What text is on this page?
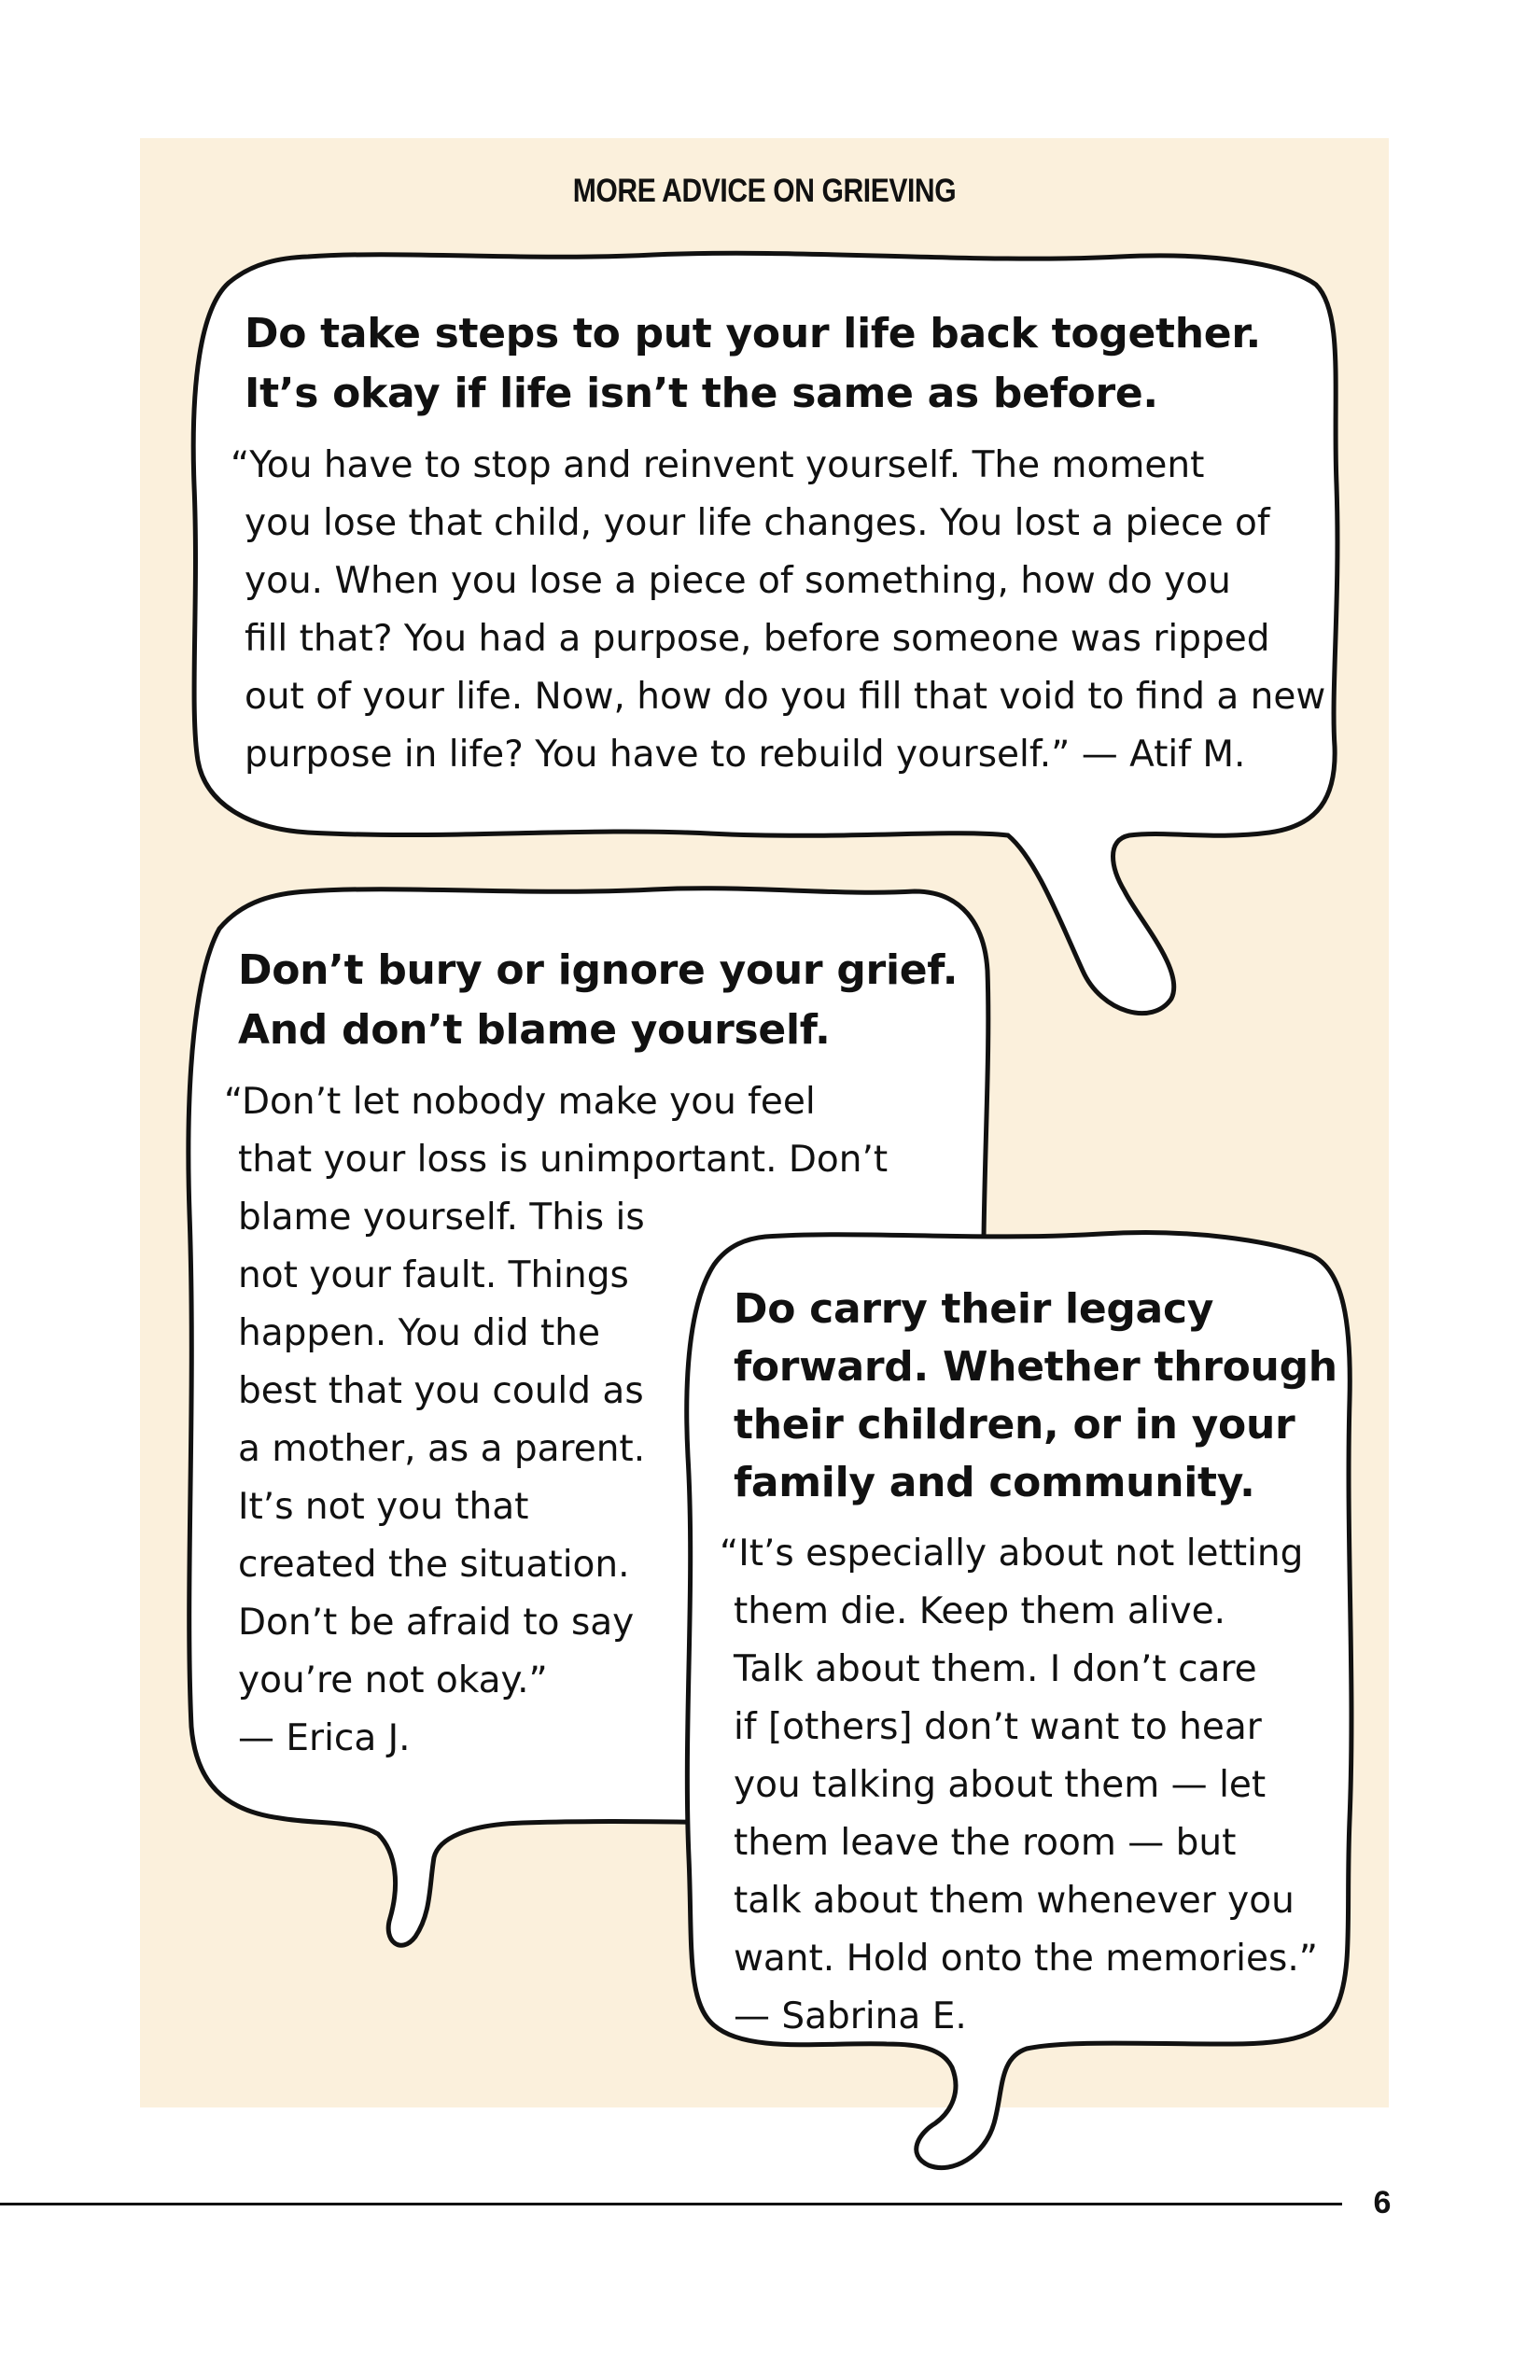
MORE ADVICE ON GRIEVING

Do take steps to put your life back together.
It’s okay if life isn’t the same as before.

“You have to stop and reinvent yourself. The moment
you lose that child, your life changes. You lost a piece of
you. When you lose a piece of something, how do you
fill that? You had a purpose, before someone was ripped
out of your life. Now, how do you fill that void to find a new
purpose in life? You have to rebuild yourself.” — Atif M.

Don’t bury or ignore your grief.
And don’t blame yourself.

“Don’t let nobody make you feel
that your loss is unimportant. Don’t
blame yourself. This is
not your fault. Things
happen. You did the
best that you could as
a mother, as a parent.
It’s not you that
created the situation.
Don’t be afraid to say
you’re not okay.”
— Erica J.

Do carry their legacy
forward. Whether through
their children, or in your
family and community.

“It’s especially about not letting
them die. Keep them alive.
Talk about them. I don’t care
if [others] don’t want to hear
you talking about them — let
them leave the room — but
talk about them whenever you
want. Hold onto the memories.”
— Sabrina E.

6
